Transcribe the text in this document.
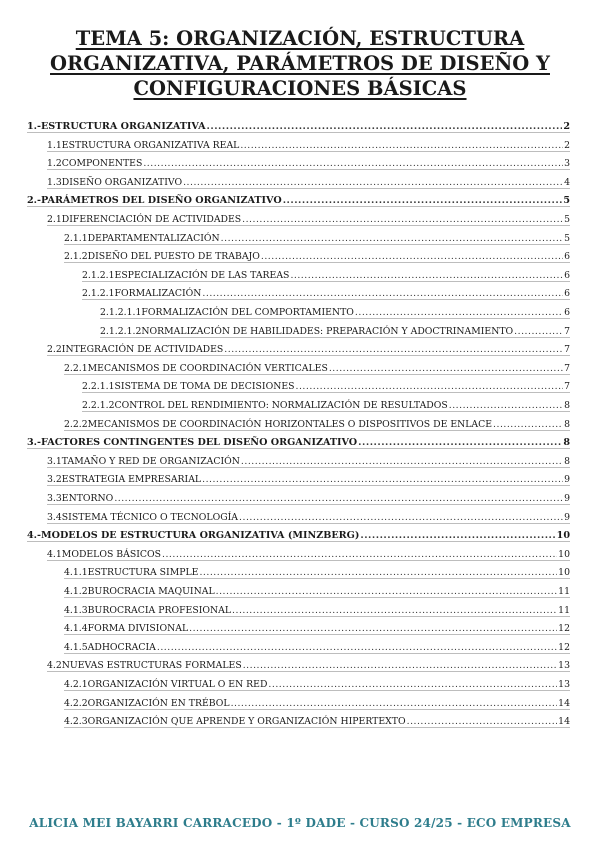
TEMA 5: ORGANIZACIÓN, ESTRUCTURA
ORGANIZATIVA, PARÁMETROS DE DISEÑO Y
CONFIGURACIONES BÁSICAS
1.- ESTRUCTURA ORGANIZATIVA .....	2
1.1 ESTRUCTURA ORGANIZATIVA REAL .....	2
1.2 COMPONENTES .....	3
1.3 DISEÑO ORGANIZATIVO .....	4
2.- PARÁMETROS DEL DISEÑO ORGANIZATIVO .....	5
2.1 DIFERENCIACIÓN DE ACTIVIDADES .....	5
2.1.1 DEPARTAMENTALIZACIÓN .....	5
2.1.2 DISEÑO DEL PUESTO DE TRABAJO .....	6
2.1.2.1 ESPECIALIZACIÓN DE LAS TAREAS .....	6
2.1.2.1 FORMALIZACIÓN .....	6
2.1.2.1.1 FORMALIZACIÓN DEL COMPORTAMIENTO .....	6
2.1.2.1.2 NORMALIZACIÓN DE HABILIDADES: PREPARACIÓN Y ADOCTRINAMIENTO .....	7
2.2 INTEGRACIÓN DE ACTIVIDADES .....	7
2.2.1 MECANISMOS DE COORDINACIÓN VERTICALES .....	7
2.2.1.1 SISTEMA DE TOMA DE DECISIONES .....	7
2.2.1.2 CONTROL DEL RENDIMIENTO: NORMALIZACIÓN DE RESULTADOS .....	8
2.2.2 MECANISMOS DE COORDINACIÓN HORIZONTALES O DISPOSITIVOS DE ENLACE .....	8
3.- FACTORES CONTINGENTES DEL DISEÑO ORGANIZATIVO .....	8
3.1 TAMAÑO Y RED DE ORGANIZACIÓN .....	8
3.2 ESTRATEGIA EMPRESARIAL .....	9
3.3 ENTORNO .....	9
3.4 SISTEMA TÉCNICO O TECNOLOGÍA .....	9
4.- MODELOS DE ESTRUCTURA ORGANIZATIVA (MINZBERG) .....	10
4.1 MODELOS BÁSICOS .....	10
4.1.1 ESTRUCTURA SIMPLE .....	10
4.1.2 BUROCRACIA MAQUINAL .....	11
4.1.3 BUROCRACIA PROFESIONAL .....	11
4.1.4 FORMA DIVISIONAL .....	12
4.1.5 ADHOCRACIA .....	12
4.2 NUEVAS ESTRUCTURAS FORMALES .....	13
4.2.1 ORGANIZACIÓN VIRTUAL O EN RED .....	13
4.2.2 ORGANIZACIÓN EN TRÉBOL .....	14
4.2.3 ORGANIZACIÓN QUE APRENDE Y ORGANIZACIÓN HIPERTEXTO .....	14
ALICIA MEI BAYARRI CARRACEDO - 1º DADE - CURSO 24/25 - ECO EMPRESA
